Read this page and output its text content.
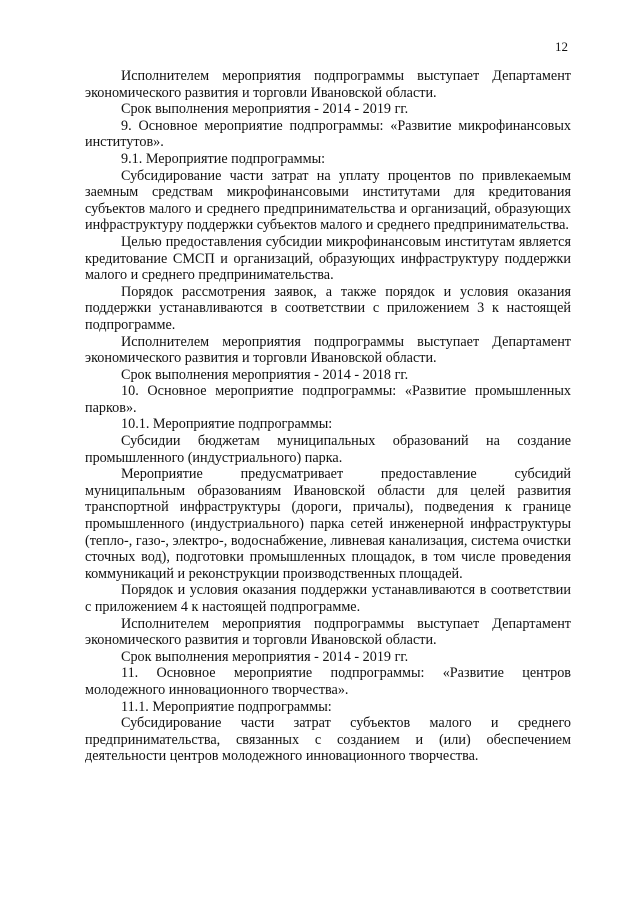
12

Исполнителем мероприятия подпрограммы выступает Департамент экономического развития и торговли Ивановской области.

Срок выполнения мероприятия - 2014 - 2019 гг.

9. Основное мероприятие подпрограммы: «Развитие микрофинансовых институтов».

9.1. Мероприятие подпрограммы:

Субсидирование части затрат на уплату процентов по привлекаемым заемным средствам микрофинансовыми институтами для кредитования субъектов малого и среднего предпринимательства и организаций, образующих инфраструктуру поддержки субъектов малого и среднего предпринимательства.

Целью предоставления субсидии микрофинансовым институтам является кредитование СМСП и организаций, образующих инфраструктуру поддержки малого и среднего предпринимательства.

Порядок рассмотрения заявок, а также порядок и условия оказания поддержки устанавливаются в соответствии с приложением 3 к настоящей подпрограмме.

Исполнителем мероприятия подпрограммы выступает Департамент экономического развития и торговли Ивановской области.

Срок выполнения мероприятия - 2014 - 2018 гг.

10. Основное мероприятие подпрограммы: «Развитие промышленных парков».

10.1. Мероприятие подпрограммы:

Субсидии бюджетам муниципальных образований на создание промышленного (индустриального) парка.

Мероприятие предусматривает предоставление субсидий муниципальным образованиям Ивановской области для целей развития транспортной инфраструктуры (дороги, причалы), подведения к границе промышленного (индустриального) парка сетей инженерной инфраструктуры (тепло-, газо-, электро-, водоснабжение, ливневая канализация, система очистки сточных вод), подготовки промышленных площадок, в том числе проведения коммуникаций и реконструкции производственных площадей.

Порядок и условия оказания поддержки устанавливаются в соответствии с приложением 4 к настоящей подпрограмме.

Исполнителем мероприятия подпрограммы выступает Департамент экономического развития и торговли Ивановской области.

Срок выполнения мероприятия - 2014 - 2019 гг.

11. Основное мероприятие подпрограммы: «Развитие центров молодежного инновационного творчества».

11.1. Мероприятие подпрограммы:

Субсидирование части затрат субъектов малого и среднего предпринимательства, связанных с созданием и (или) обеспечением деятельности центров молодежного инновационного творчества.
